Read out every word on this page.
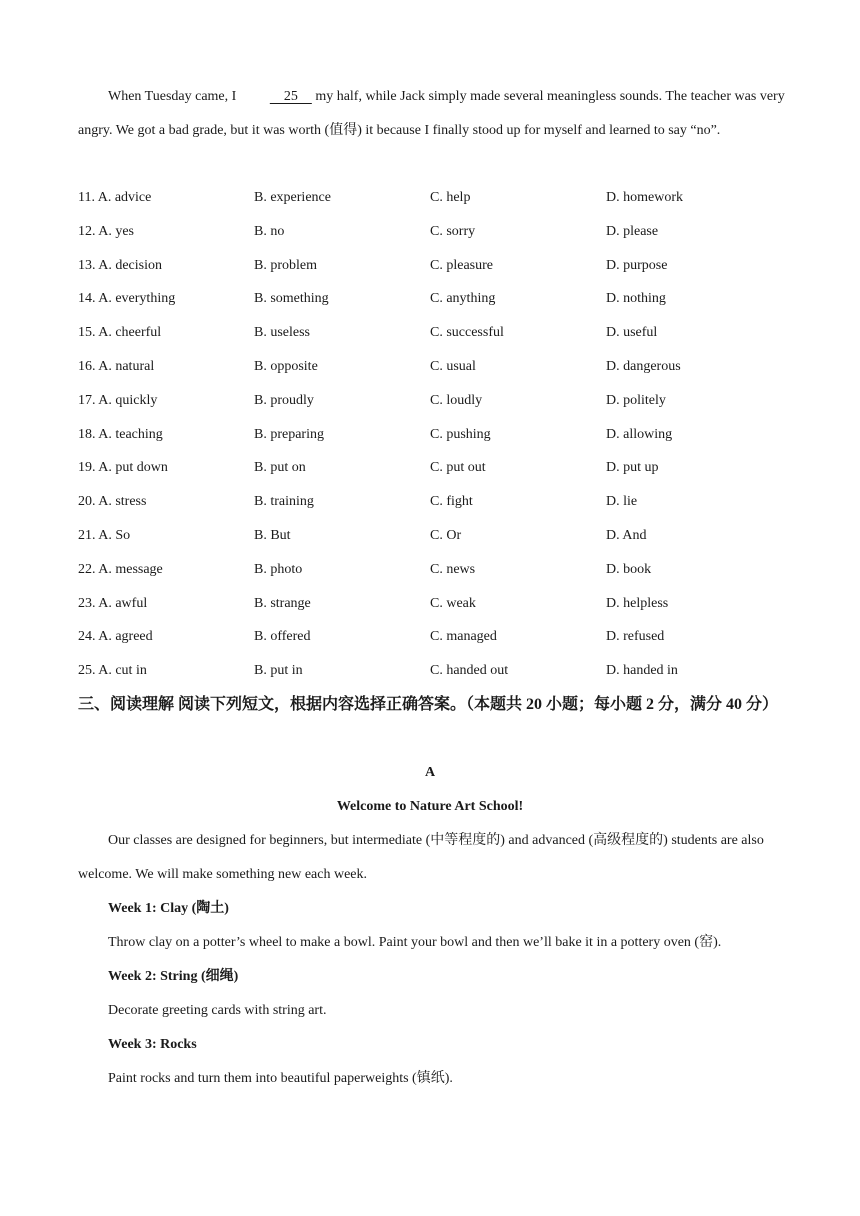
When Tuesday came, I     25     my half, while Jack simply made several meaningless sounds. The teacher was very angry. We got a bad grade, but it was worth (值得) it because I finally stood up for myself and learned to say “no”.

11. A. advice	B. experience	C. help	D. homework
12. A. yes	B. no	C. sorry	D. please
13. A. decision	B. problem	C. pleasure	D. purpose
14. A. everything	B. something	C. anything	D. nothing
15. A. cheerful	B. useless	C. successful	D. useful
16. A. natural	B. opposite	C. usual	D. dangerous
17. A. quickly	B. proudly	C. loudly	D. politely
18. A. teaching	B. preparing	C. pushing	D. allowing
19. A. put down	B. put on	C. put out	D. put up
20. A. stress	B. training	C. fight	D. lie
21. A. So	B. But	C. Or	D. And
22. A. message	B. photo	C. news	D. book
23. A. awful	B. strange	C. weak	D. helpless
24. A. agreed	B. offered	C. managed	D. refused
25. A. cut in	B. put in	C. handed out	D. handed in
三、阅读理解 阅读下列短文，根据内容选择正确答案。（本题共 20 小题；每小题 2 分，满分 40 分）
A
Welcome to Nature Art School!

Our classes are designed for beginners, but intermediate (中等程度的) and advanced (高级程度的) students are also welcome. We will make something new each week.

Week 1: Clay (陶土)

Throw clay on a potter’s wheel to make a bowl. Paint your bowl and then we’ll bake it in a pottery oven (窑).

Week 2: String (细绳)

Decorate greeting cards with string art.

Week 3: Rocks

Paint rocks and turn them into beautiful paperweights (镇纸).
